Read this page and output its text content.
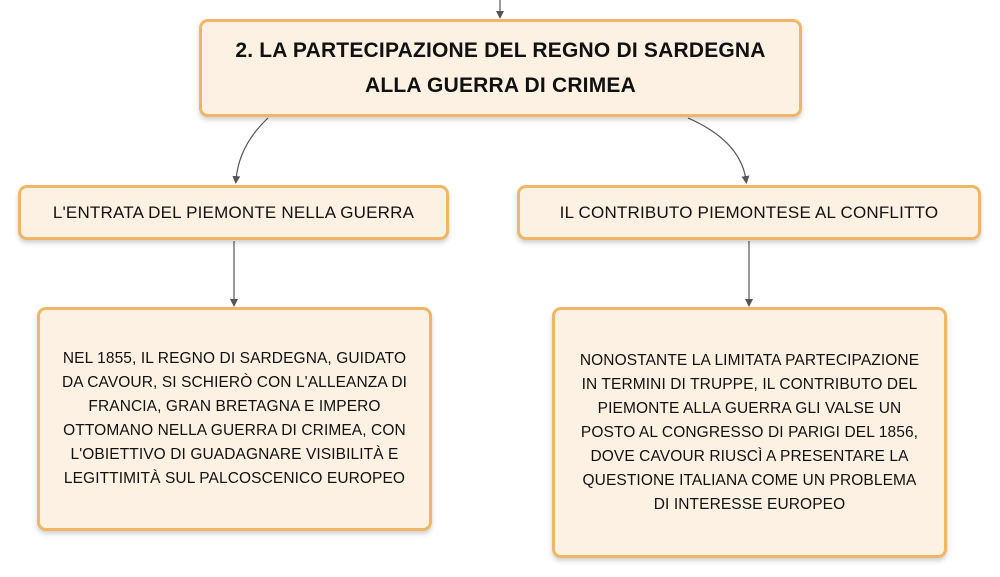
2. LA PARTECIPAZIONE DEL REGNO DI SARDEGNA
ALLA GUERRA DI CRIMEA
L'ENTRATA DEL PIEMONTE NELLA GUERRA	IL CONTRIBUTO PIEMONTESE AL CONFLITTO
NEL 1855, IL REGNO DI SARDEGNA, GUIDATO
DA CAVOUR, SI SCHIERÒ CON L'ALLEANZA DI
FRANCIA, GRAN BRETAGNA E IMPERO
OTTOMANO NELLA GUERRA DI CRIMEA, CON
L'OBIETTIVO DI GUADAGNARE VISIBILITÀ E
LEGITTIMITÀ SUL PALCOSCENICO EUROPEO
NONOSTANTE LA LIMITATA PARTECIPAZIONE
IN TERMINI DI TRUPPE, IL CONTRIBUTO DEL
PIEMONTE ALLA GUERRA GLI VALSE UN
POSTO AL CONGRESSO DI PARIGI DEL 1856,
DOVE CAVOUR RIUSCÌ A PRESENTARE LA
QUESTIONE ITALIANA COME UN PROBLEMA
DI INTERESSE EUROPEO
